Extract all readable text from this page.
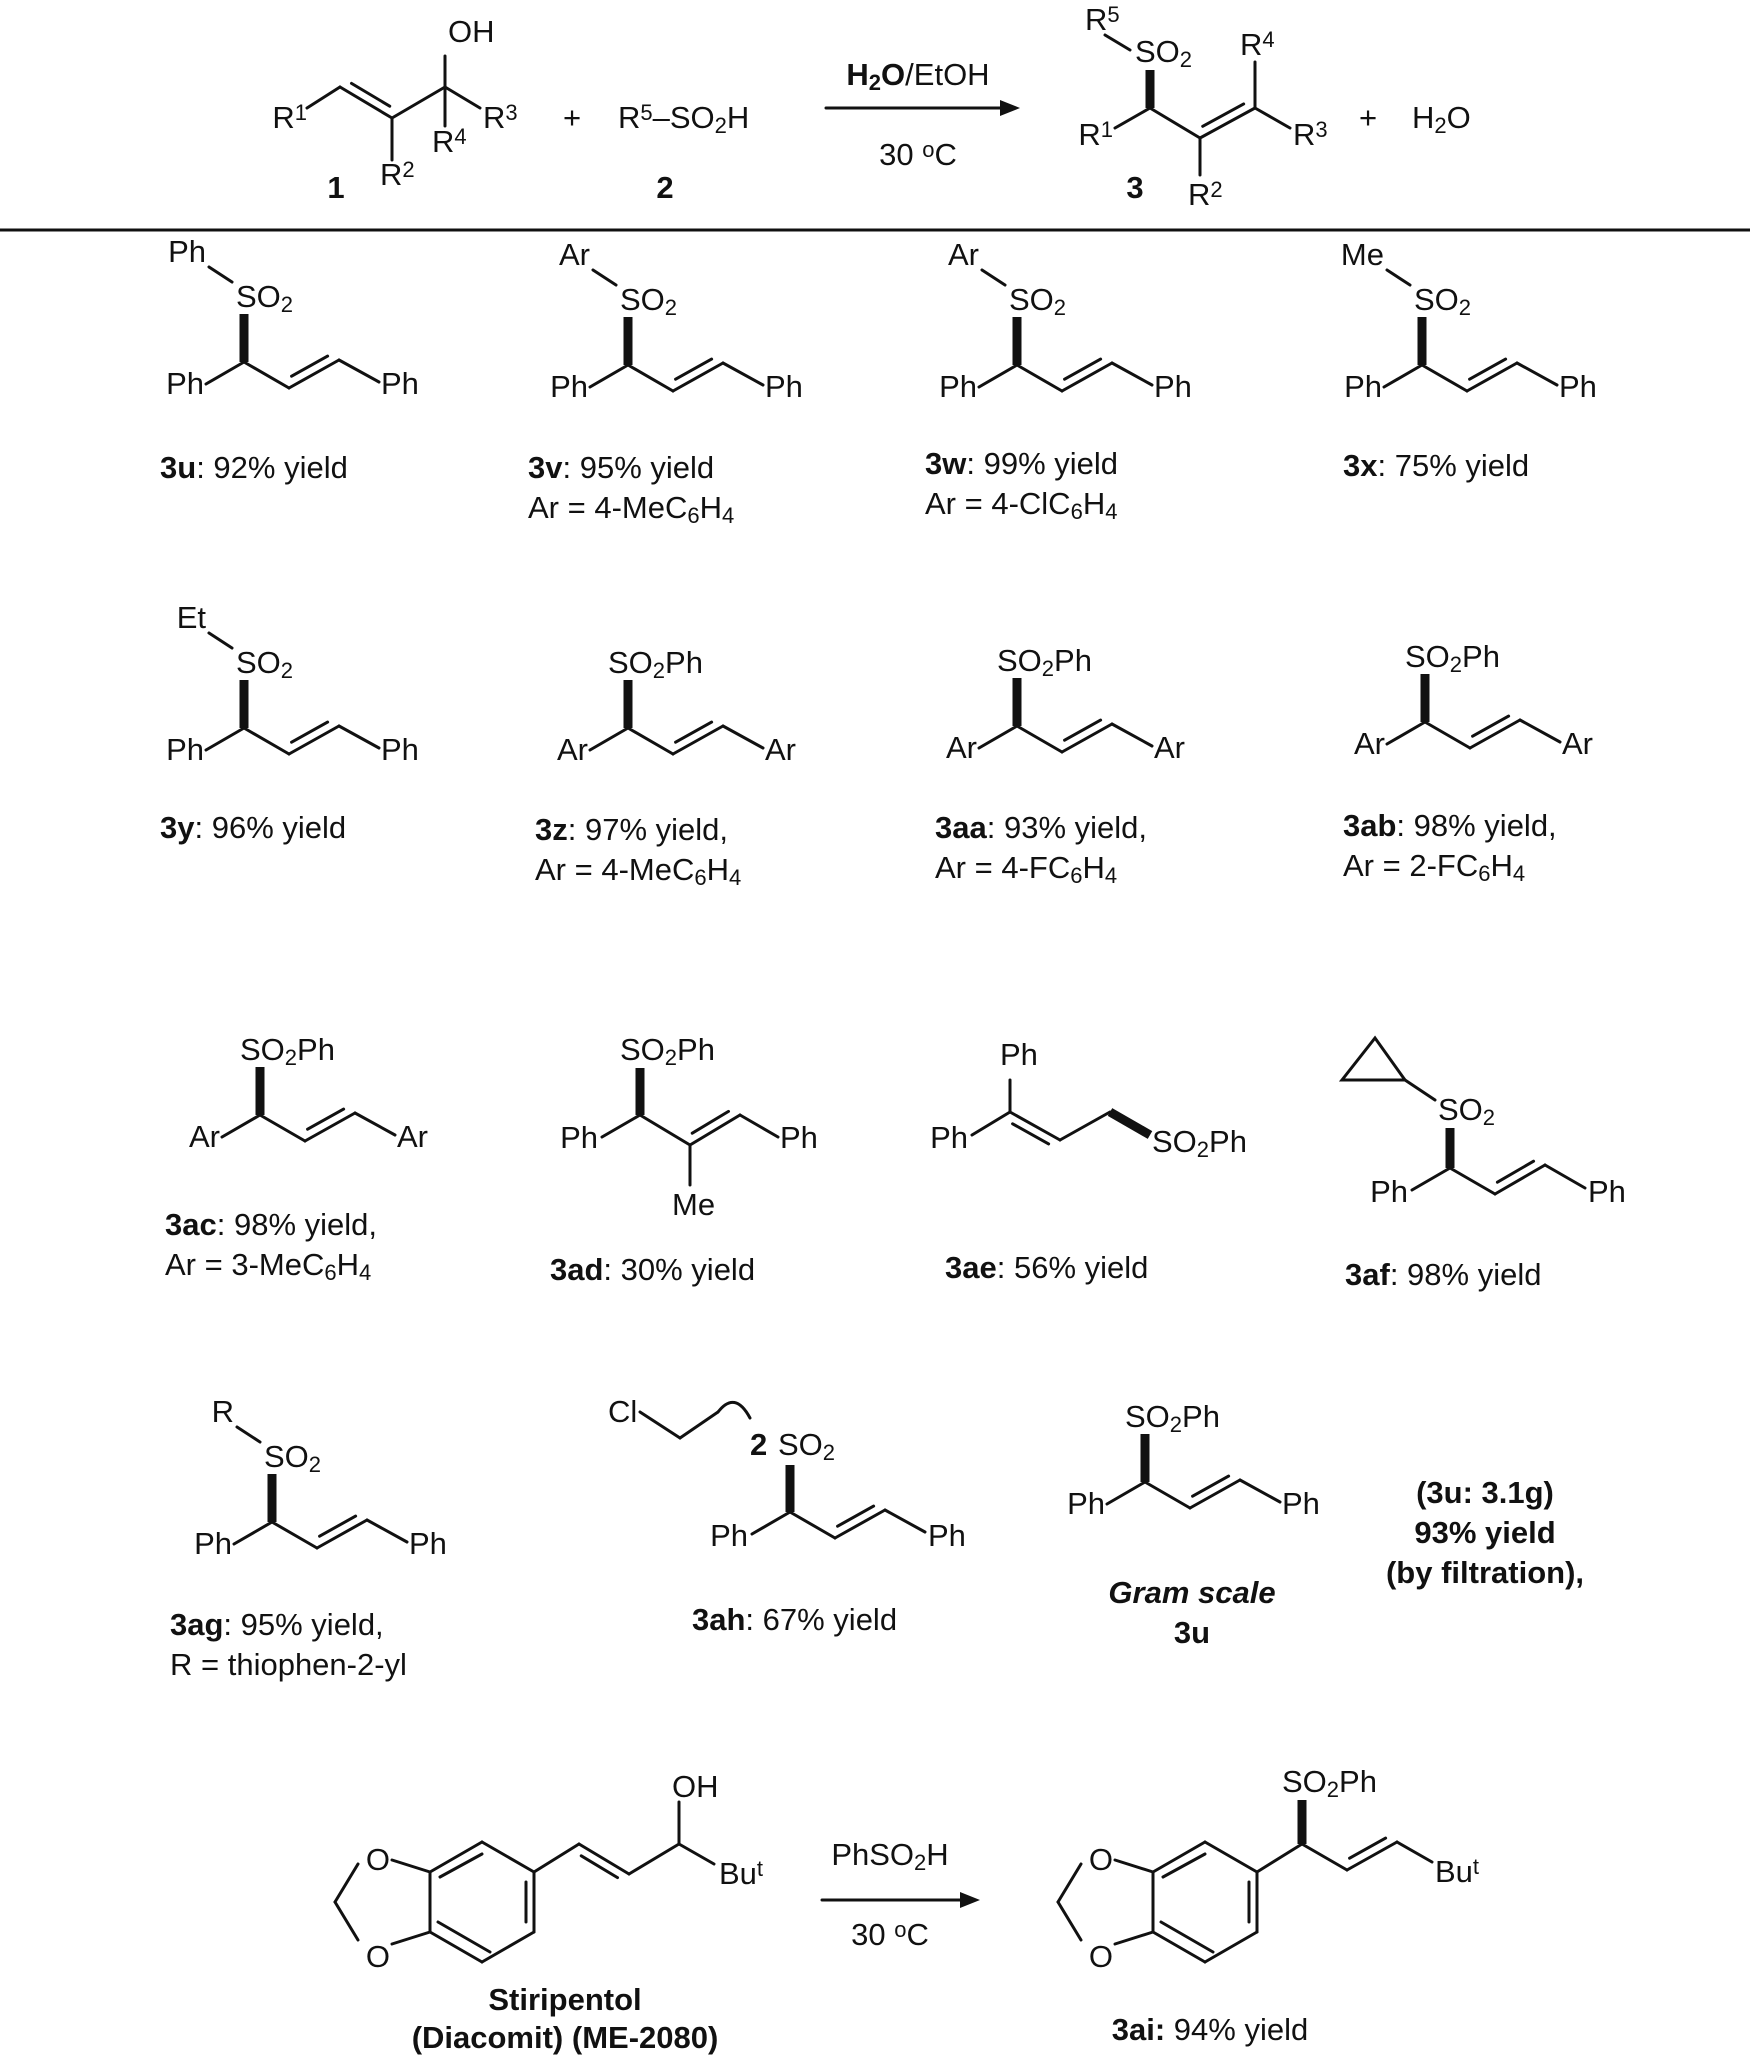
OH
R1
R2
R3
R4
1
+ R5–SO2H
2
H2O/EtOH
30 oC
R5
SO2 R4
R1	R3
R2
3
+ H2O
Ph	Ph
SO2
Ph
3u: 92% yield
Ph	Ph
SO2
Ar
3v: 95% yield
Ar = 4-MeC6H4
Ph	Ph
SO2
Ar
3w: 99% yield
Ar = 4-ClC6H4
Ph	Ph
SO2
Me
3x: 75% yield
Ph	Ph
SO2
Et
3y: 96% yield
Ar	Ar
SO2Ph
3z: 97% yield,
Ar = 4-MeC6H4
Ar	Ar
SO2Ph
3aa: 93% yield,
Ar = 4-FC6H4
Ar	Ar
SO2Ph
3ab: 98% yield,
Ar = 2-FC6H4
Ar	Ar
SO2Ph
3ac: 98% yield,
Ar = 3-MeC6H4
SO2Ph
Ph
Me
Ph
3ad: 30% yield
Ph
Ph	SO2Ph
3ae: 56% yield
SO2
Ph	Ph
3af: 98% yield
Ph	Ph
SO2
R
3ag: 95% yield,
R = thiophen-2-yl
Cl
2 SO2
Ph	Ph
3ah: 67% yield
Ph	Ph
SO2Ph
Gram scale
3u
(3u: 3.1g)
93% yield
(by filtration),
O
O
OH
But
Stiripentol
(Diacomit) (ME-2080)
PhSO2H
30 oC
O
O
SO2Ph
But
3ai: 94% yield
